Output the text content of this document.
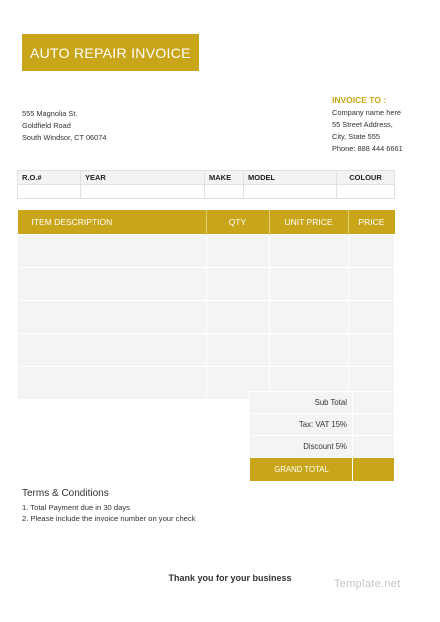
AUTO REPAIR INVOICE
555 Magnolia St.
Goldfield Road
South Windsor, CT 06074
INVOICE TO :
Company name here
55 Street Address,
City, State 555
Phone: 888 444 6661
R.O.#	YEAR	MAKE	MODEL	COLOUR

ITEM DESCRIPTION	QTY	UNIT PRICE	PRICE

Sub Total	
Tax: VAT 15%	
Discount 5%	
GRAND TOTAL	
Terms & Conditions
1. Total Payment due in 30 days
2. Please include the invoice number on your check
Thank you for your business	Template.net
